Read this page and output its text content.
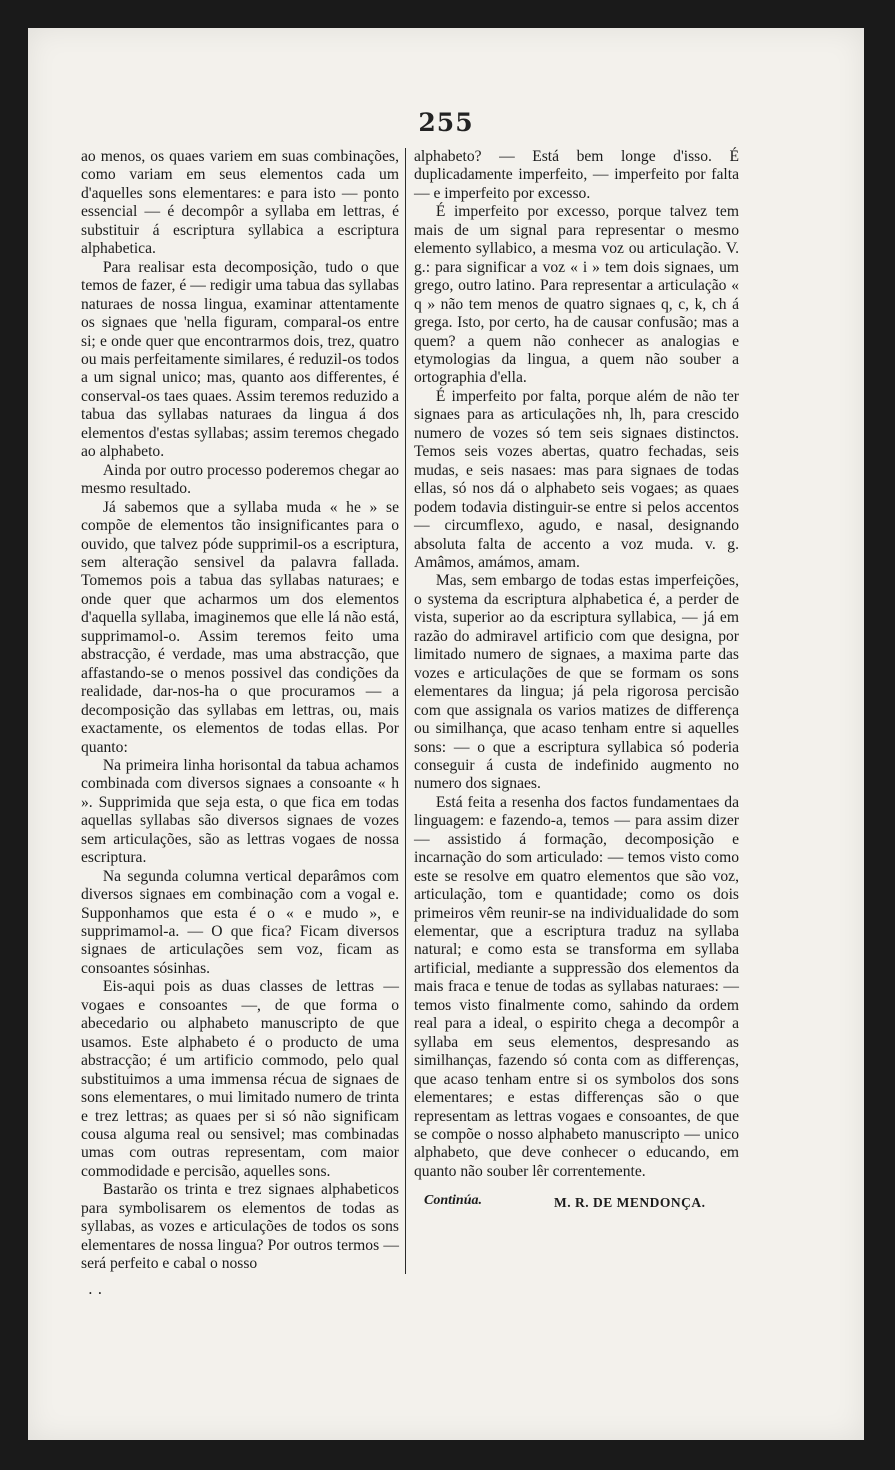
255

ao menos, os quaes variem em suas combinações, como variam em seus elementos cada um d'aquelles sons elementares: e para isto — ponto essencial — é decompôr a syllaba em lettras, é substituir á escriptura syllabica a escriptura alphabetica.

Para realisar esta decomposição, tudo o que temos de fazer, é — redigir uma tabua das syllabas naturaes de nossa lingua, examinar attentamente os signaes que 'nella figuram, comparal-os entre si; e onde quer que encontrarmos dois, trez, quatro ou mais perfeitamente similares, é reduzil-os todos a um signal unico; mas, quanto aos differentes, é conserval-os taes quaes. Assim teremos reduzido a tabua das syllabas naturaes da lingua á dos elementos d'estas syllabas; assim teremos chegado ao alphabeto.

Ainda por outro processo poderemos chegar ao mesmo resultado.

Já sabemos que a syllaba muda « he » se compõe de elementos tão insignificantes para o ouvido, que talvez póde supprimil-os a escriptura, sem alteração sensivel da palavra fallada. Tomemos pois a tabua das syllabas naturaes; e onde quer que acharmos um dos elementos d'aquella syllaba, imaginemos que elle lá não está, supprimamol-o. Assim teremos feito uma abstracção, é verdade, mas uma abstracção, que affastando-se o menos possivel das condições da realidade, dar-nos-ha o que procuramos — a decomposição das syllabas em lettras, ou, mais exactamente, os elementos de todas ellas. Por quanto:

Na primeira linha horisontal da tabua achamos combinada com diversos signaes a consoante « h ». Supprimida que seja esta, o que fica em todas aquellas syllabas são diversos signaes de vozes sem articulações, são as lettras vogaes de nossa escriptura.

Na segunda columna vertical deparâmos com diversos signaes em combinação com a vogal e. Supponhamos que esta é o « e mudo », e supprimamol-a. — O que fica? Ficam diversos signaes de articulações sem voz, ficam as consoantes sósinhas.

Eis-aqui pois as duas classes de lettras — vogaes e consoantes —, de que forma o abecedario ou alphabeto manuscripto de que usamos. Este alphabeto é o producto de uma abstracção; é um artificio commodo, pelo qual substituimos a uma immensa récua de signaes de sons elementares, o mui limitado numero de trinta e trez lettras; as quaes per si só não significam cousa alguma real ou sensivel; mas combinadas umas com outras representam, com maior commodidade e percisão, aquelles sons.

Bastarão os trinta e trez signaes alphabeticos para symbolisarem os elementos de todas as syllabas, as vozes e articulações de todos os sons elementares de nossa lingua? Por outros termos — será perfeito e cabal o nosso

alphabeto? — Está bem longe d'isso. É duplicadamente imperfeito, — imperfeito por falta — e imperfeito por excesso.

É imperfeito por excesso, porque talvez tem mais de um signal para representar o mesmo elemento syllabico, a mesma voz ou articulação. V. g.: para significar a voz « i » tem dois signaes, um grego, outro latino. Para representar a articulação « q » não tem menos de quatro signaes q, c, k, ch á grega. Isto, por certo, ha de causar confusão; mas a quem? a quem não conhecer as analogias e etymologias da lingua, a quem não souber a ortographia d'ella.

É imperfeito por falta, porque além de não ter signaes para as articulações nh, lh, para crescido numero de vozes só tem seis signaes distinctos. Temos seis vozes abertas, quatro fechadas, seis mudas, e seis nasaes: mas para signaes de todas ellas, só nos dá o alphabeto seis vogaes; as quaes podem todavia distinguir-se entre si pelos accentos — circumflexo, agudo, e nasal, designando absoluta falta de accento a voz muda. v. g. Amâmos, amámos, amam.

Mas, sem embargo de todas estas imperfeições, o systema da escriptura alphabetica é, a perder de vista, superior ao da escriptura syllabica, — já em razão do admiravel artificio com que designa, por limitado numero de signaes, a maxima parte das vozes e articulações de que se formam os sons elementares da lingua; já pela rigorosa percisão com que assignala os varios matizes de differença ou similhança, que acaso tenham entre si aquelles sons: — o que a escriptura syllabica só poderia conseguir á custa de indefinido augmento no numero dos signaes.

Está feita a resenha dos factos fundamentaes da linguagem: e fazendo-a, temos — para assim dizer — assistido á formação, decomposição e incarnação do som articulado: — temos visto como este se resolve em quatro elementos que são voz, articulação, tom e quantidade; como os dois primeiros vêm reunir-se na individualidade do som elementar, que a escriptura traduz na syllaba natural; e como esta se transforma em syllaba artificial, mediante a suppressão dos elementos da mais fraca e tenue de todas as syllabas naturaes: — temos visto finalmente como, sahindo da ordem real para a ideal, o espirito chega a decompôr a syllaba em seus elementos, despresando as similhanças, fazendo só conta com as differenças, que acaso tenham entre si os symbolos dos sons elementares; e estas differenças são o que representam as lettras vogaes e consoantes, de que se compõe o nosso alphabeto manuscripto — unico alphabeto, que deve conhecer o educando, em quanto não souber lêr correntemente.

Continúa.	M. R. DE MENDONÇA.
. .
